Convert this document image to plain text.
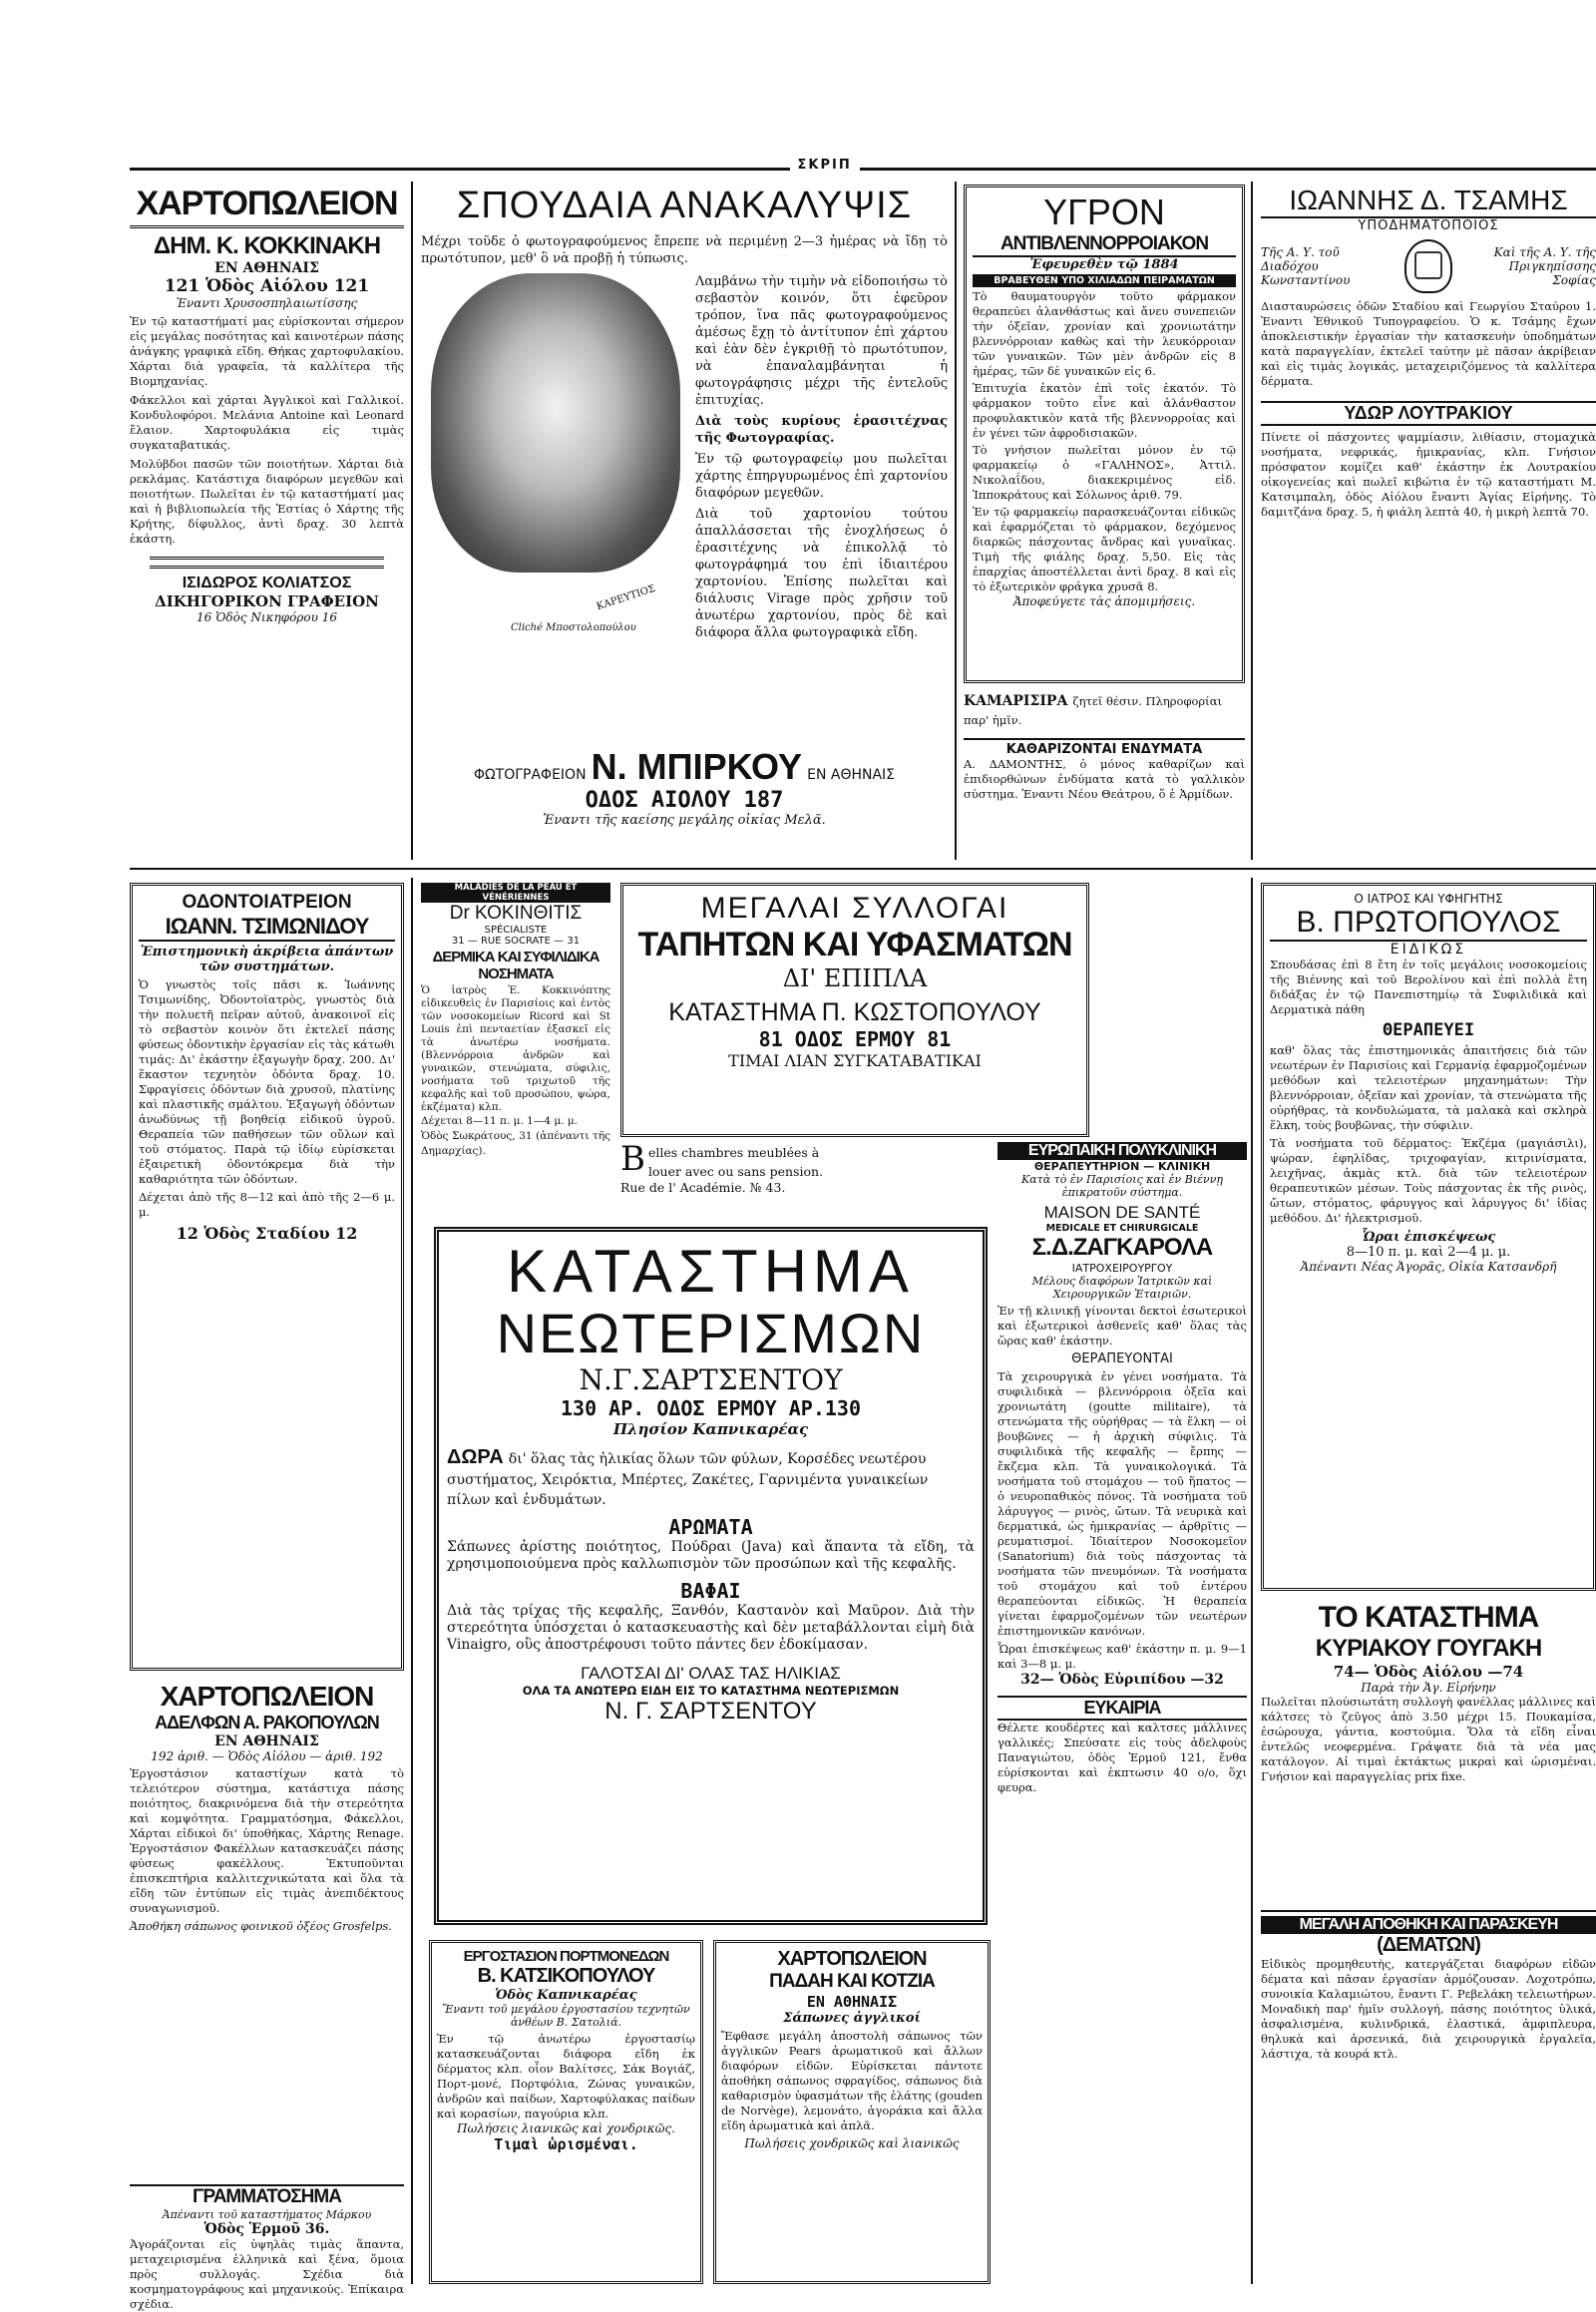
ΣΚΡΙΠ
ΧΑΡΤΟΠΩΛΕΙΟΝ
ΔΗΜ. Κ. ΚΟΚΚΙΝΑΚΗ
ΕΝ ΑΘΗΝΑΙΣ
121 Ὁδὸς Αἰόλου 121
Ἐναντι Χρυσοσπηλαιωτίσσης

Ἐν τῷ καταστήματί μας εὑρίσκονται σήμερον εἰς μεγάλας ποσότητας καὶ καινοτέρων πάσης ἀνάγκης γραφικὰ εἴδη. Θήκας χαρτοφυλακίου. Χάρται διὰ γραφεῖα, τὰ καλλίτερα τῆς Βιομηχανίας.

Φάκελλοι καὶ χάρται Ἀγγλικοὶ καὶ Γαλλικοί. Κονδυλοφόροι. Μελάνια Antoine καὶ Leonard ἔλαιον. Χαρτοφυλάκια εἰς τιμὰς συγκαταβατικάς.

Μολύβδοι πασῶν τῶν ποιοτήτων. Χάρται διὰ ρεκλάμας. Κατάστιχα διαφόρων μεγεθῶν καὶ ποιοτήτων. Πωλεῖται ἐν τῷ καταστήματί μας καὶ ἡ βιβλιοπωλεία τῆς Ἑστίας ὁ Χάρτης τῆς Κρήτης, δίφυλλος, ἀντὶ δραχ. 30 λεπτὰ ἑκάστη.

ΙΣΙΔΩΡΟΣ ΚΟΛΙΑΤΣΟΣ
ΔΙΚΗΓΟΡΙΚΟΝ ΓΡΑΦΕΙΟΝ
16 Ὁδὸς Νικηφόρου 16
ΣΠΟΥΔΑΙΑ ΑΝΑΚΑΛΥΨΙΣ

Μέχρι τοῦδε ὁ φωτογραφούμενος ἔπρεπε νὰ περιμένῃ 2—3 ἡμέρας νὰ ἴδῃ τὸ πρωτότυπον, μεθ' ὃ νὰ προβῇ ἡ τύπωσις.

ΚΑΡΕΥΤΙΟΣ
Cliché Μποστολοπούλου

Λαμβάνω τὴν τιμὴν νὰ εἰδοποιήσω τὸ σεβαστὸν κοινόν, ὅτι ἐφεῦρον τρόπον, ἵνα πᾶς φωτογραφούμενος ἀμέσως ἔχῃ τὸ ἀντίτυπον ἐπὶ χάρτου καὶ ἐὰν δὲν ἐγκριθῇ τὸ πρωτότυπον, νὰ ἐπαναλαμβάνηται ἡ φωτογράφησις μέχρι τῆς ἐντελοῦς ἐπιτυχίας.

Διὰ τοὺς κυρίους ἐρασιτέχνας τῆς Φωτογραφίας.

Ἐν τῷ φωτογραφείῳ μου πωλεῖται χάρτης ἐπηργυρωμένος ἐπὶ χαρτονίου διαφόρων μεγεθῶν.

Διὰ τοῦ χαρτονίου τούτου ἀπαλλάσσεται τῆς ἐνοχλήσεως ὁ ἐρασιτέχνης νὰ ἐπικολλᾷ τὸ φωτογράφημά του ἐπὶ ἰδιαιτέρου χαρτονίου. Ἐπίσης πωλεῖται καὶ διάλυσις Virage πρὸς χρῆσιν τοῦ ἀνωτέρω χαρτονίου, πρὸς δὲ καὶ διάφορα ἄλλα φωτογραφικὰ εἴδη.

ΦΩΤΟΓΡΑΦΕΙΟΝ Ν. ΜΠΙΡΚΟΥ ΕΝ ΑΘΗΝΑΙΣ
ΟΔΟΣ ΑΙΟΛΟΥ 187
Ἐναντι τῆς καείσης μεγάλης οἰκίας Μελᾶ.
ΥΓΡΟΝ
ΑΝΤΙΒΛΕΝΝΟΡΡΟΙΑΚΟΝ
Ἐφευρεθὲν τῷ 1884
ΒΡΑΒΕΥΘΕΝ ΥΠΟ ΧΙΛΙΑΔΩΝ ΠΕΙΡΑΜΑΤΩΝ

Τὸ θαυματουργὸν τοῦτο φάρμακον θεραπεύει ἀλανθάστως καὶ ἄνευ συνεπειῶν τὴν ὀξεῖαν, χρονίαν καὶ χρονιωτάτην βλεννόρροιαν καθὼς καὶ τὴν λευκόρροιαν τῶν γυναικῶν. Τῶν μὲν ἀνδρῶν εἰς 8 ἡμέρας, τῶν δὲ γυναικῶν εἰς 6.

Ἐπιτυχία ἑκατὸν ἐπὶ τοῖς ἑκατόν. Τὸ φάρμακον τοῦτο εἶνε καὶ ἀλάνθαστον προφυλακτικὸν κατὰ τῆς βλεννορροίας καὶ ἐν γένει τῶν ἀφροδισιακῶν.

Τὸ γνήσιον πωλεῖται μόνον ἐν τῷ φαρμακείῳ ὁ «ΓΑΛΗΝΟΣ», Ἀττιλ. Νικολαΐδου, διακεκριμένος εἰδ. Ἱπποκράτους καὶ Σόλωνος ἀριθ. 79.

Ἐν τῷ φαρμακείῳ παρασκευάζονται εἰδικῶς καὶ ἐφαρμόζεται τὸ φάρμακον, δεχόμενος διαρκῶς πάσχοντας ἄνδρας καὶ γυναῖκας. Τιμὴ τῆς φιάλης δραχ. 5,50. Εἰς τὰς ἐπαρχίας ἀποστέλλεται ἀντὶ δραχ. 8 καὶ εἰς τὸ ἐξωτερικὸν φράγκα χρυσᾶ 8.

Ἀποφεύγετε τὰς ἀπομιμήσεις.
ΚΑΜΑΡΙΣΙΡΑ ζητεῖ θέσιν. Πληροφορίαι παρ' ἡμῖν.
ΚΑΘΑΡΙΖΟΝΤΑΙ ΕΝΔΥΜΑΤΑ

Α. ΔΑΜΟΝΤΗΣ, ὁ μόνος καθαρίζων καὶ ἐπιδιορθώνων ἐνδύματα κατὰ τὸ γαλλικὸν σύστημα. Ἐναντι Νέου Θεάτρου, ὅ ἐ Ἀρμίδων.

ΙΩΑΝΝΗΣ Δ. ΤΣΑΜΗΣ
ΥΠΟΔΗΜΑΤΟΠΟΙΟΣ
Τῆς Α. Υ. τοῦ Διαδόχου Κωνσταντίνου
Καὶ τῆς Α. Υ. τῆς Πριγκηπίσσης Σοφίας

Διασταυρώσεις ὁδῶν Σταδίου καὶ Γεωργίου Σταύρου 1. Ἐναντι Ἐθνικοῦ Τυπογραφείου. Ὁ κ. Τσάμης ἔχων ἀποκλειστικὴν ἐργασίαν τὴν κατασκευὴν ὑποδημάτων κατὰ παραγγελίαν, ἐκτελεῖ ταύτην μὲ πᾶσαν ἀκρίβειαν καὶ εἰς τιμὰς λογικάς, μεταχειριζόμενος τὰ καλλίτερα δέρματα.

ΥΔΩΡ ΛΟΥΤΡΑΚΙΟΥ

Πίνετε οἱ πάσχοντες ψαμμίασιν, λιθίασιν, στομαχικὰ νοσήματα, νεφρικάς, ἡμικρανίας, κλπ. Γνήσιον πρόσφατον κομίζει καθ' ἑκάστην ἐκ Λουτρακίου οἰκογενείας καὶ πωλεῖ κιβώτια ἐν τῷ καταστήματι Μ. Κατσιμπαλη, ὁδὸς Αἰόλου ἔναντι Ἁγίας Εἰρήνης. Τὸ δαμιτζάνα δραχ. 5, ἡ φιάλη λεπτὰ 40, ἡ μικρὴ λεπτὰ 70.

ΟΔΟΝΤΟΙΑΤΡΕΙΟΝ
ΙΩΑΝΝ. ΤΣΙΜΩΝΙΔΟΥ
Ἐπιστημονικὴ ἀκρίβεια ἁπάντων τῶν συστημάτων.

Ὁ γνωστὸς τοῖς πᾶσι κ. Ἰωάννης Τσιμωνίδης, Ὀδοντοϊατρὸς, γνωστὸς διὰ τὴν πολυετῆ πεῖραν αὐτοῦ, ἀνακοινοῖ εἰς τὸ σεβαστὸν κοινὸν ὅτι ἐκτελεῖ πάσης φύσεως ὀδοντικὴν ἐργασίαν εἰς τὰς κάτωθι τιμάς: Δι' ἑκάστην ἐξαγωγὴν δραχ. 200. Δι' ἕκαστον τεχνητὸν ὀδόντα δραχ. 10. Σφραγίσεις ὀδόντων διὰ χρυσοῦ, πλατίνης καὶ πλαστικῆς σμάλτου. Ἐξαγωγὴ ὀδόντων ἀνωδύνως τῇ βοηθείᾳ εἰδικοῦ ὑγροῦ. Θεραπεία τῶν παθήσεων τῶν οὔλων καὶ τοῦ στόματος. Παρὰ τῷ ἰδίῳ εὑρίσκεται ἐξαιρετικὴ ὀδοντόκρεμα διὰ τὴν καθαριότητα τῶν ὀδόντων.

Δέχεται ἀπὸ τῆς 8—12 καὶ ἀπὸ τῆς 2—6 μ. μ.

12 Ὁδὸς Σταδίου 12
ΧΑΡΤΟΠΩΛΕΙΟΝ
ΑΔΕΛΦΩΝ Α. ΡΑΚΟΠΟΥΛΩΝ
ΕΝ ΑΘΗΝΑΙΣ
192 ἀριθ. — Ὁδὸς Αἰόλου — ἀριθ. 192

Ἐργοστάσιον καταστίχων κατὰ τὸ τελειότερον σύστημα, κατάστιχα πάσης ποιότητος, διακρινόμενα διὰ τὴν στερεότητα καὶ κομψότητα. Γραμματόσημα, Φάκελλοι, Χάρται εἰδικοὶ δι' ὑποθήκας, Χάρτης Renage. Ἐργοστάσιον Φακέλλων κατασκευάζει πάσης φύσεως φακέλλους. Ἐκτυποῦνται ἐπισκεπτήρια καλλιτεχνικώτατα καὶ ὅλα τὰ εἴδη τῶν ἐντύπων εἰς τιμὰς ἀνεπιδέκτους συναγωνισμοῦ.

Ἀποθήκη σάπωνος φοινικοῦ ὀξέος Grosfelps.

ΓΡΑΜΜΑΤΟΣΗΜΑ
Ἀπέναντι τοῦ καταστήματος Μάρκου
Ὁδὸς Ἑρμοῦ 36.

Ἀγοράζονται εἰς ὑψηλὰς τιμὰς ἅπαντα, μεταχειρισμένα ἑλληνικὰ καὶ ξένα, ὅμοια πρὸς συλλογάς. Σχέδια διὰ κοσμηματογράφους καὶ μηχανικούς. Ἐπίκαιρα σχέδια.

MALADIES DE LA PEAU ET VÉNÉRIENNES
Dr ΚΟΚΙΝΘΙΤΙΣ
SPÉCIALISTE
31 — RUE SOCRATE — 31
ΔΕΡΜΙΚΑ ΚΑΙ ΣΥΦΙΛΙΔΙΚΑ ΝΟΣΗΜΑΤΑ

Ὁ ἰατρὸς Ἐ. Κοκκινόπτης εἰδικευθεὶς ἐν Παρισίοις καὶ ἐντὸς τῶν νοσοκομείων Ricord καὶ St Louis ἐπὶ πενταετίαν ἐξασκεῖ εἰς τὰ ἀνωτέρω νοσήματα. (Βλεννόρροια ἀνδρῶν καὶ γυναικῶν, στενώματα, σύφιλις, νοσήματα τοῦ τριχωτοῦ τῆς κεφαλῆς καὶ τοῦ προσώπου, ψώρα, ἐκζέματα) κλπ.

Δέχεται 8—11 π. μ. 1—4 μ. μ.

Ὁδὸς Σωκράτους, 31 (ἀπέναντι τῆς Δημαρχίας).

ΜΕΓΑΛΑΙ ΣΥΛΛΟΓΑΙ
ΤΑΠΗΤΩΝ ΚΑΙ ΥΦΑΣΜΑΤΩΝ
ΔΙ' ΕΠΙΠΛΑ
ΚΑΤΑΣΤΗΜΑ Π. ΚΩΣΤΟΠΟΥΛΟΥ
81 ΟΔΟΣ ΕΡΜΟΥ 81
ΤΙΜΑΙ ΛΙΑΝ ΣΥΓΚΑΤΑΒΑΤΙΚΑΙ
B elles chambres meublées à louer avec ou sans pension.
Rue de l' Académie. № 43.
ΚΑΤΑΣΤΗΜΑ
ΝΕΩΤΕΡΙΣΜΩΝ
Ν.Γ.ΣΑΡΤΣΕΝΤΟΥ
130 ΑΡ. ΟΔΟΣ ΕΡΜΟΥ ΑΡ.130
Πλησίον Καπνικαρέας
ΔΩΡΑ δι' ὅλας τὰς ἡλικίας ὅλων τῶν φύλων, Κορσέδες νεωτέρου συστήματος, Χειρόκτια, Μπέρτες, Ζακέτες, Γαρνιμέντα γυναικείων πίλων καὶ ἐνδυμάτων.
ΑΡΩΜΑΤΑ

Σάπωνες ἀρίστης ποιότητος, Πούδραι (Java) καὶ ἅπαντα τὰ εἴδη, τὰ χρησιμοποιούμενα πρὸς καλλωπισμὸν τῶν προσώπων καὶ τῆς κεφαλῆς.

ΒΑΦΑΙ

Διὰ τὰς τρίχας τῆς κεφαλῆς, Ξανθόν, Καστανὸν καὶ Μαῦρον. Διὰ τὴν στερεότητα ὑπόσχεται ὁ κατασκευαστὴς καὶ δὲν μεταβάλλονται εἰμὴ διὰ Vinaigro, οὓς ἀποστρέφουσι τοῦτο πάντες δεν ἐδοκίμασαν.

ΓΑΛΟΤΣΑΙ ΔΙ' ΟΛΑΣ ΤΑΣ ΗΛΙΚΙΑΣ
ΟΛΑ ΤΑ ΑΝΩΤΕΡΩ ΕΙΔΗ ΕΙΣ ΤΟ ΚΑΤΑΣΤΗΜΑ ΝΕΩΤΕΡΙΣΜΩΝ
Ν. Γ. ΣΑΡΤΣΕΝΤΟΥ
ΕΥΡΩΠΑΙΚΗ ΠΟΛΥΚΛΙΝΙΚΗ
ΘΕΡΑΠΕΥΤΗΡΙΟΝ — ΚΛΙΝΙΚΗ
Κατὰ τὸ ἐν Παρισίοις καὶ ἐν Βιέννῃ ἐπικρατοῦν σύστημα.
MAISON DE SANTÉ
MEDICALE ET CHIRURGICALE
Σ.Δ.ΖΑΓΚΑΡΟΛΑ
ΙΑΤΡΟΧΕΙΡΟΥΡΓΟΥ
Μέλους διαφόρων Ἰατρικῶν καὶ Χειρουργικῶν Ἑταιριῶν.

Ἐν τῇ κλινικῇ γίνονται δεκτοὶ ἐσωτερικοὶ καὶ ἐξωτερικοὶ ἀσθενεῖς καθ' ὅλας τὰς ὥρας καθ' ἑκάστην.

ΘΕΡΑΠΕΥΟΝΤΑΙ

Τὰ χειρουργικὰ ἐν γένει νοσήματα. Τὰ συφιλιδικὰ — βλεννόρροια ὀξεῖα καὶ χρονιωτάτη (goutte militaire), τὰ στενώματα τῆς οὐρήθρας — τὰ ἕλκη — οἱ βουβῶνες — ἡ ἀρχικὴ σύφιλις. Τὰ συφιλιδικὰ τῆς κεφαλῆς — ἔρπης — ἔκζεμα κλπ. Τὰ γυναικολογικά. Τὰ νοσήματα τοῦ στομάχου — τοῦ ἥπατος — ὁ νευροπαθικὸς πόνος. Τὰ νοσήματα τοῦ λάρυγγος — ρινὸς, ὤτων. Τὰ νευρικὰ καὶ δερματικά, ὡς ἡμικρανίας — ἀρθρῖτις — ρευματισμοί. Ἰδιαίτερον Νοσοκομεῖον (Sanatorium) διὰ τοὺς πάσχοντας τὰ νοσήματα τῶν πνευμόνων. Τὰ νοσήματα τοῦ στομάχου καὶ τοῦ ἐντέρου θεραπεύονται εἰδικῶς. Ἡ θεραπεία γίνεται ἐφαρμοζομένων τῶν νεωτέρων ἐπιστημονικῶν κανόνων.

Ὧραι ἐπισκέψεως καθ' ἑκάστην π. μ. 9—1 καὶ 3—8 μ. μ.

32— Ὁδὸς Εὐριπίδου —32
ΕΥΚΑΙΡΙΑ

Θέλετε κουδέρτες καὶ καλτσες μάλλινες γαλλικές; Σπεύσατε εἰς τοὺς ἀδελφοὺς Παναγιώτου, ὁδὸς Ἑρμοῦ 121, ἔνθα εὑρίσκονται καὶ ἑκπτωσιν 40 ο/ο, ὅχι φευρα.

Ο ΙΑΤΡΟΣ ΚΑΙ ΥΦΗΓΗΤΗΣ
Β. ΠΡΩΤΟΠΟΥΛΟΣ
ΕΙΔΙΚΩΣ

Σπουδάσας ἐπὶ 8 ἔτη ἐν τοῖς μεγάλοις νοσοκομείοις τῆς Βιέννης καὶ τοῦ Βερολίνου καὶ ἐπὶ πολλὰ ἔτη διδάξας ἐν τῷ Πανεπιστημίῳ τὰ Συφιλιδικὰ καὶ Δερματικὰ πάθη

ΘΕΡΑΠΕΥΕΙ

καθ' ὅλας τὰς ἐπιστημονικὰς ἀπαιτήσεις διὰ τῶν νεωτέρων ἐν Παρισίοις καὶ Γερμανίᾳ ἐφαρμοζομένων μεθόδων καὶ τελειοτέρων μηχανημάτων: Τὴν βλεννόρροιαν, ὀξεῖαν καὶ χρονίαν, τὰ στενώματα τῆς οὐρήθρας, τὰ κονδυλώματα, τὰ μαλακὰ καὶ σκληρὰ ἕλκη, τοὺς βουβῶνας, τὴν σύφιλιν.

Τὰ νοσήματα τοῦ δέρματος: Ἐκζέμα (μαγιάσιλι), ψώραν, ἐφηλίδας, τριχοφαγίαν, κιτρινίσματα, λειχῆνας, ἀκμὰς κτλ. διὰ τῶν τελειοτέρων θεραπευτικῶν μέσων. Τοὺς πάσχοντας ἐκ τῆς ρινὸς, ὤτων, στόματος, φάρυγγος καὶ λάρυγγος δι' ἰδίας μεθόδου. Δι' ἠλεκτρισμοῦ.

Ὧραι ἐπισκέψεως
8—10 π. μ. καὶ 2—4 μ. μ.
Ἀπέναντι Νέας Ἀγορᾶς, Οἰκία Κατσανδρῆ
ΤΟ ΚΑΤΑΣΤΗΜΑ
ΚΥΡΙΑΚΟΥ ΓΟΥΓΑΚΗ
74— Ὁδὸς Αἰόλου —74
Παρὰ τὴν Ἁγ. Εἰρήνην

Πωλεῖται πλούσιωτάτη συλλογὴ φανέλλας μάλλινες καὶ κάλτσες τὸ ζεῦγος ἀπὸ 3.50 μέχρι 15. Πουκαμίσα, ἐσώρουχα, γάντια, κοστούμια. Ὅλα τὰ εἴδη εἶναι ἐντελῶς νεοφερμένα. Γράψατε διὰ τὰ νέα μας κατάλογον. Αἱ τιμαὶ ἐκτάκτως μικραὶ καὶ ὡρισμέναι. Γνήσιον καὶ παραγγελίας prix fixe.

ΜΕΓΑΛΗ ΑΠΟΘΗΚΗ ΚΑΙ ΠΑΡΑΣΚΕΥΗ
(ΔΕΜΑΤΩΝ)

Εἰδικὸς προμηθευτὴς, κατεργάζεται διαφόρων εἰδῶν δέματα καὶ πᾶσαν ἐργασίαν ἁρμόζουσαν. Λοχοτρόπω, συνοικία Καλαμιώτου, ἔναντι Γ. Ρεβελάκη τελειωτήρων. Μοναδικὴ παρ' ἡμῖν συλλογή, πάσης ποιότητος ὑλικά, ἀσφαλισμένα, κυλινδρικά, ἐλαστικά, ἁμφιπλευρα, θηλυκὰ καὶ ἀρσενικά, διὰ χειρουργικὰ ἐργαλεῖα, λάστιχα, τὰ κουρά κτλ.

ΕΡΓΟΣΤΑΣΙΟΝ ΠΟΡΤΜΟΝΕΔΩΝ
Β. ΚΑΤΣΙΚΟΠΟΥΛΟΥ
Ὁδὸς Καπνικαρέας
Ἔναντι τοῦ μεγάλου ἐργοστασίου τεχνητῶν ἀνθέων Β. Σατολιά.

Ἐν τῷ ἀνωτέρω ἐργοστασίῳ κατασκευάζονται διάφορα εἴδη ἐκ δέρματος κλπ. οἷον Βαλίτσες, Σάκ Βογιάζ, Πορτ-μονέ, Πορτφόλια, Ζώνας γυναικῶν, ἀνδρῶν καὶ παίδων, Χαρτοφύλακας παίδων καὶ κορασίων, παγούρια κλπ.

Πωλήσεις λιανικῶς καὶ χονδρικῶς.
Τιμαὶ ὡρισμέναι.
ΧΑΡΤΟΠΩΛΕΙΟΝ
ΠΑΔΑΗ ΚΑΙ ΚΟΤΖΙΑ
ΕΝ ΑΘΗΝΑΙΣ
Σάπωνες ἀγγλικοί

Ἔφθασε μεγάλη ἀποστολὴ σάπωνος τῶν ἀγγλικῶν Pears ἀρωματικοῦ καὶ ἄλλων διαφόρων εἰδῶν. Εὑρίσκεται πάντοτε ἀποθήκη σάπωνος σφραγίδος, σάπωνος διὰ καθαρισμὸν ὑφασμάτων τῆς ἐλάτης (gouden de Norvège), λεμονάτο, ἀγοράκια καὶ ἄλλα εἴδη ἀρωματικὰ καὶ ἀπλᾶ.

Πωλήσεις χονδρικῶς καὶ λιανικῶς
